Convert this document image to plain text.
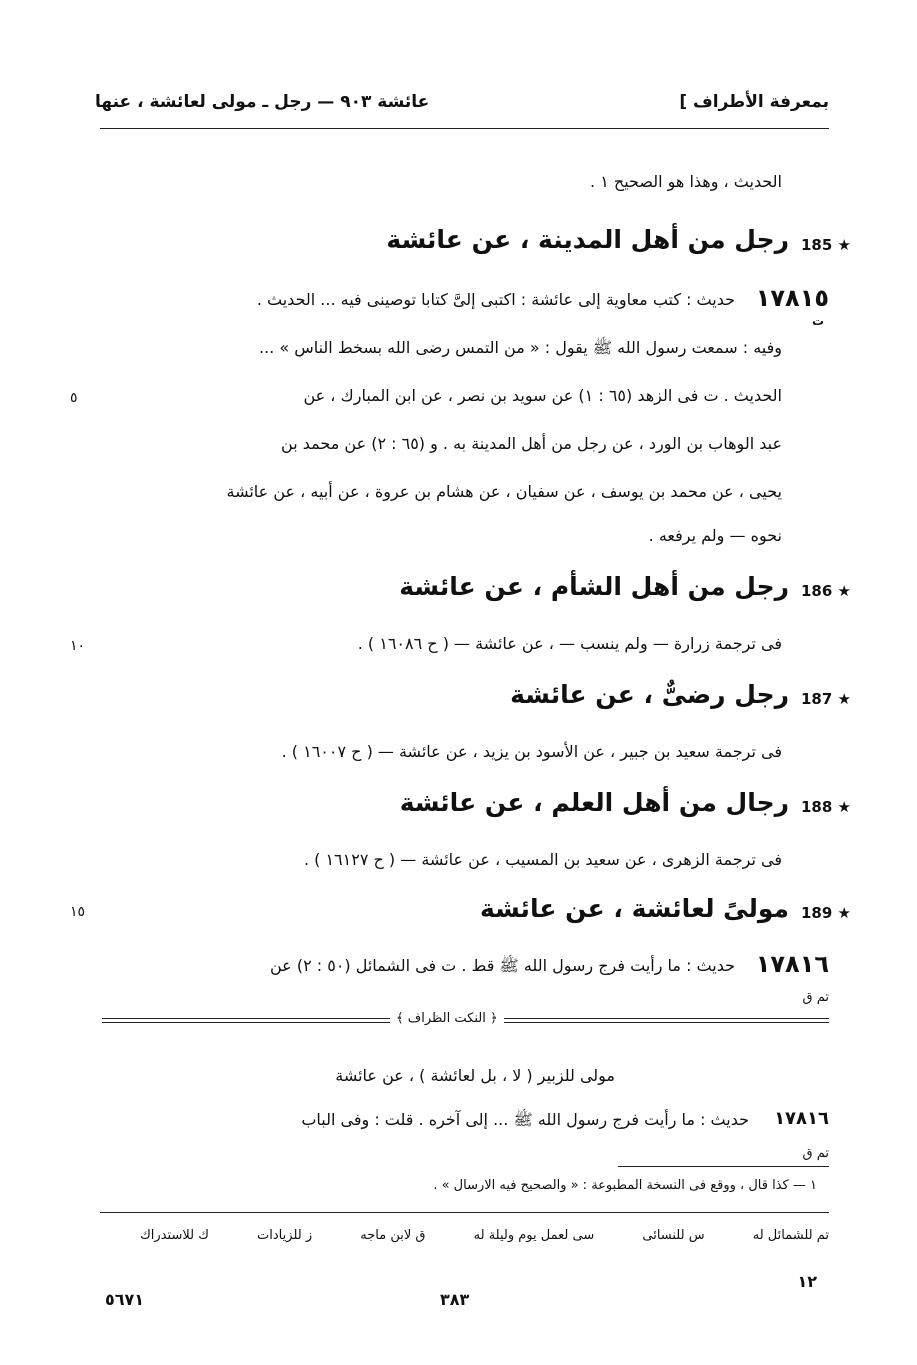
بمعرفة الأطراف ]
عائشة ٩٠٣ — رجل ـ مولى لعائشة ، عنها
الحديث ، وهذا هو الصحيح ١ .
185 ★
رجل من أهل المدينة ، عن عائشة
١٧٨١٥
ت
حديث : كتب معاوية إلى عائشة : اكتبى إلىَّ كتابا توصينى فيه ... الحديث .
وفيه : سمعت رسول الله ﷺ يقول : « من التمس رضى الله بسخط الناس » ...
الحديث . ت فى الزهد (٦٥ : ١) عن سويد بن نصر ، عن ابن المبارك ، عن
٥
عبد الوهاب بن الورد ، عن رجل من أهل المدينة به . و (٦٥ : ٢) عن محمد بن
يحيى ، عن محمد بن يوسف ، عن سفيان ، عن هشام بن عروة ، عن أبيه ، عن عائشة
نحوه — ولم يرفعه .
186 ★
رجل من أهل الشأم ، عن عائشة
فى ترجمة زرارة — ولم ينسب — ، عن عائشة — ( ح ١٦٠٨٦ ) .
١٠
187 ★
رجل رضىٌّ ، عن عائشة
فى ترجمة سعيد بن جبير ، عن الأسود بن يزيد ، عن عائشة — ( ح ١٦٠٠٧ ) .
188 ★
رجال من أهل العلم ، عن عائشة
فى ترجمة الزهرى ، عن سعيد بن المسيب ، عن عائشة — ( ح ١٦١٢٧ ) .
189 ★
١٥	مولىً لعائشة ، عن عائشة
١٧٨١٦
حديث : ما رأيت فرج رسول الله ﷺ قط . ت فى الشمائل (٥٠ : ٢) عن
تم ق
﴿ النكت الظراف ﴾
مولى للزبير ( لا ، بل لعائشة ) ، عن عائشة
١٧٨١٦
حديث : ما رأيت فرج رسول الله ﷺ ... إلى آخره . قلت : وفى الباب
تم ق
١ — كذا قال ، ووقع فى النسخة المطبوعة : « والصحيح فيه الارسال » .
تم للشمائل له س للنسائى سى لعمل يوم وليلة له ق لابن ماجه ز للزيادات ك للاستدراك
١٢
٥٦٧١	٣٨٣
